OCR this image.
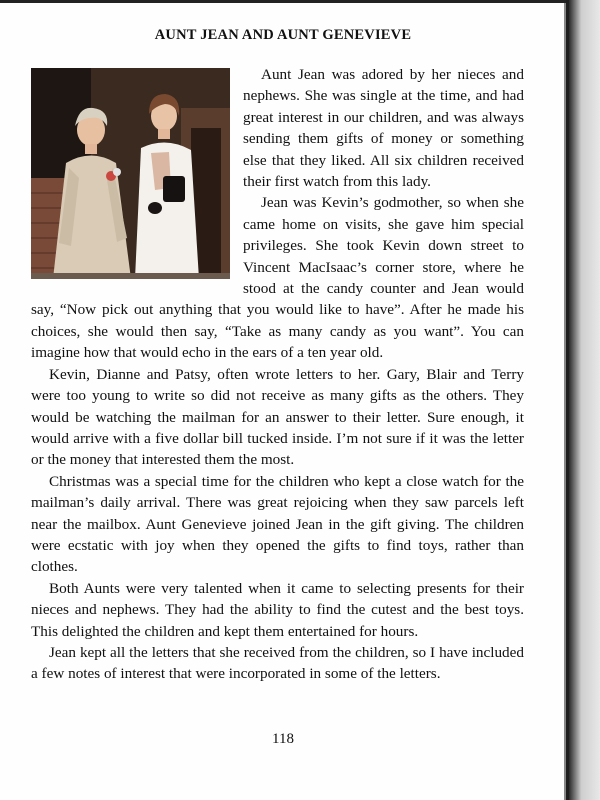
AUNT JEAN AND AUNT GENEVIEVE

Aunt Jean was adored by her nieces and nephews. She was single at the time, and had great interest in our children, and was always sending them gifts of money or something else that they liked. All six children received their first watch from this lady.

Jean was Kevin’s godmother, so when she came home on visits, she gave him special privileges. She took Kevin down street to Vincent MacIsaac’s corner store, where he stood at the candy counter and Jean would say, “Now pick out anything that you would like to have”. After he made his choices, she would then say, “Take as many candy as you want”. You can imagine how that would echo in the ears of a ten year old.

Kevin, Dianne and Patsy, often wrote letters to her. Gary, Blair and Terry were too young to write so did not receive as many gifts as the others. They would be watching the mailman for an answer to their letter. Sure enough, it would arrive with a five dollar bill tucked inside. I’m not sure if it was the letter or the money that interested them the most.

Christmas was a special time for the children who kept a close watch for the mailman’s daily arrival. There was great rejoicing when they saw parcels left near the mailbox. Aunt Genevieve joined Jean in the gift giving. The children were ecstatic with joy when they opened the gifts to find toys, rather than clothes.

Both Aunts were very talented when it came to selecting presents for their nieces and nephews. They had the ability to find the cutest and the best toys. This delighted the children and kept them entertained for hours.

Jean kept all the letters that she received from the children, so I have included a few notes of interest that were incorporated in some of the letters.

118
